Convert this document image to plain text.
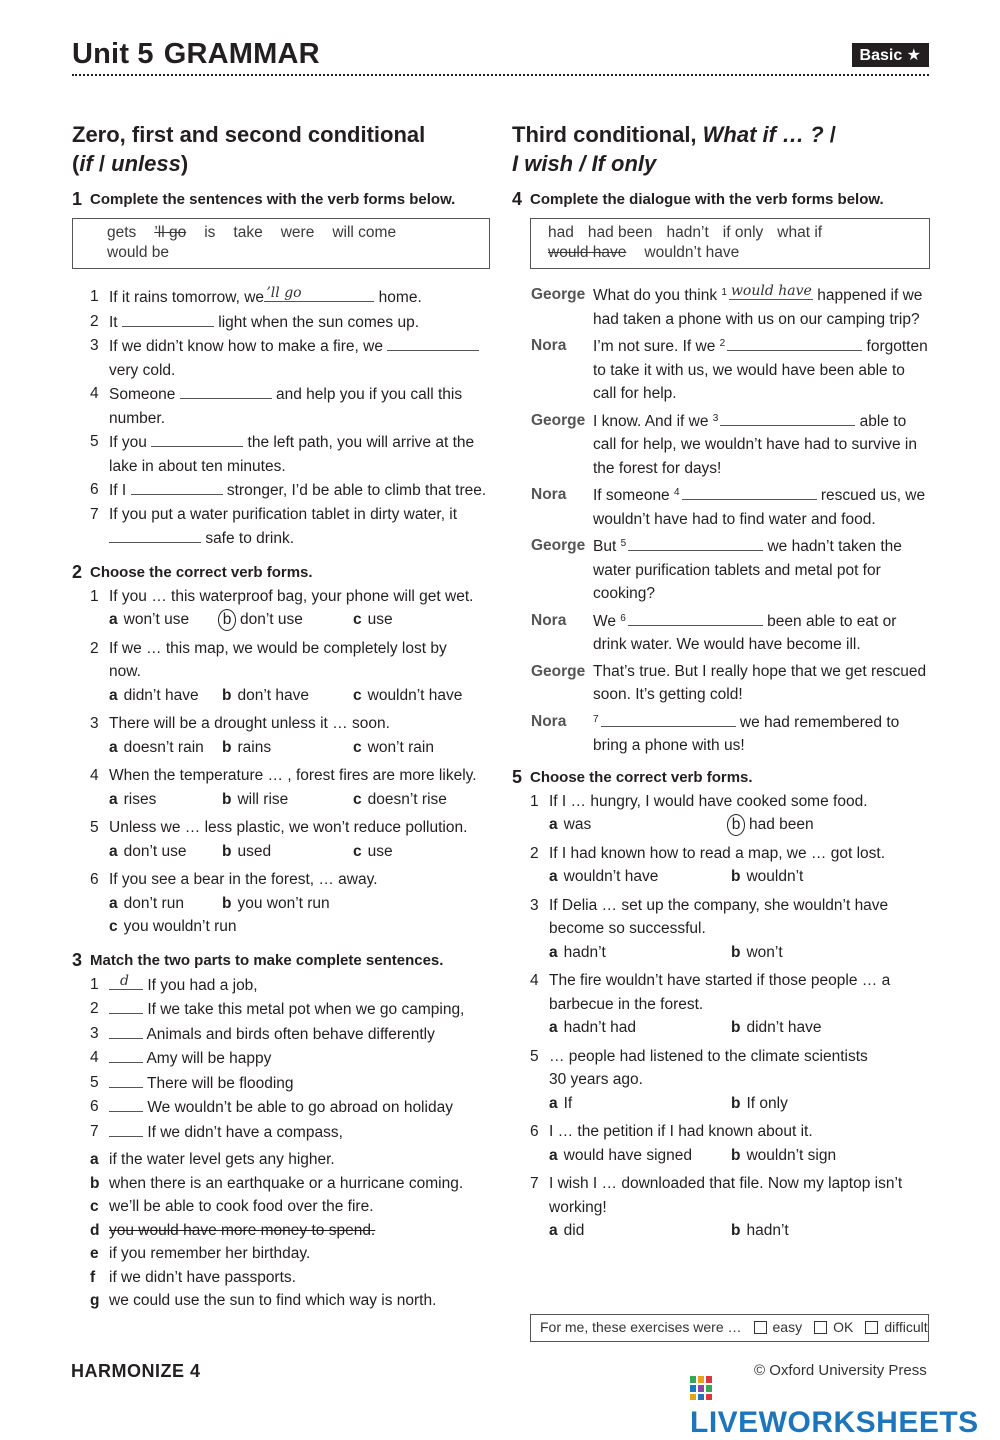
Unit 5 GRAMMAR	Basic ★
Zero, first and second conditional
(if / unless)
1 Complete the sentences with the verb forms below.
gets ’ll go is take were will come
would be
1 If it rains tomorrow, we ’ll go	home.
2 It	light when the sun comes up.
3 If we didn’t know how to make a fire, we
very cold.
4 Someone	and help you if you call this number.
5 If you	the left path, you will arrive at the lake in about ten minutes.
6 If I	stronger, I’d be able to climb that tree.
7 If you put a water purification tablet in dirty water, it  safe to drink.
2 Choose the correct verb forms.
1 If you … this waterproof bag, your phone will get wet.
a won’t use b don’t use	c use
2 If we … this map, we would be completely lost by now.
a didn’t have b don’t have	c wouldn’t have
3 There will be a drought unless it … soon.
a doesn’t rain b rains	c won’t rain
4 When the temperature … , forest fires are more likely.
a rises	b will rise	c doesn’t rise
5 Unless we … less plastic, we won’t reduce pollution.
a don’t use b used	c use
6 If you see a bear in the forest, … away.
a don’t run b you won’t run
c you wouldn’t run
3 Match the two parts to make complete sentences.
1 d If you had a job,
2	If we take this metal pot when we go camping,
3	Animals and birds often behave differently
4	Amy will be happy
5	There will be flooding
6	We wouldn’t be able to go abroad on holiday
7	If we didn’t have a compass,
a if the water level gets any higher.
b when there is an earthquake or a hurricane coming.
c we’ll be able to cook food over the fire.
d you would have more money to spend.
e if you remember her birthday.
f if we didn’t have passports.
g we could use the sun to find which way is north.
Third conditional, What if … ? /
I wish / If only
4 Complete the dialogue with the verb forms below.
had had been hadn’t if only what if
would have wouldn’t have
George What do you think $^1$ would have happened if we had taken a phone with us on our camping trip?
Nora I’m not sure. If we $^2$	forgotten to take it with us, we would have been able to call for help.
George I know. And if we $^3$	able to call for help, we wouldn’t have had to survive in the forest for days!
Nora If someone $^4$	rescued us, we wouldn’t have had to find water and food.
George But $^5$	we hadn’t taken the water purification tablets and metal pot for cooking?
Nora We $^6$	been able to eat or drink water. We would have become ill.
George That’s true. But I really hope that we get rescued soon. It’s getting cold!
Nora	$^7$	we had remembered to bring a phone with us!
5 Choose the correct verb forms.
1 If I … hungry, I would have cooked some food.
a was	b had been
2 If I had known how to read a map, we … got lost.
a wouldn’t have	b wouldn’t
3 If Delia … set up the company, she wouldn’t have become so successful.
a hadn’t	b won’t
4 The fire wouldn’t have started if those people … a barbecue in the forest.
a hadn’t had	b didn’t have
5 … people had listened to the climate scientists 30 years ago.
a If	b If only
6 I … the petition if I had known about it.
a would have signed	b wouldn’t sign
7 I wish I … downloaded that file. Now my laptop isn’t working!
a did	b hadn’t
For me, these exercises were … easy OK difficult
HARMONIZE 4	© Oxford University Press
LIVEWORKSHEETS
